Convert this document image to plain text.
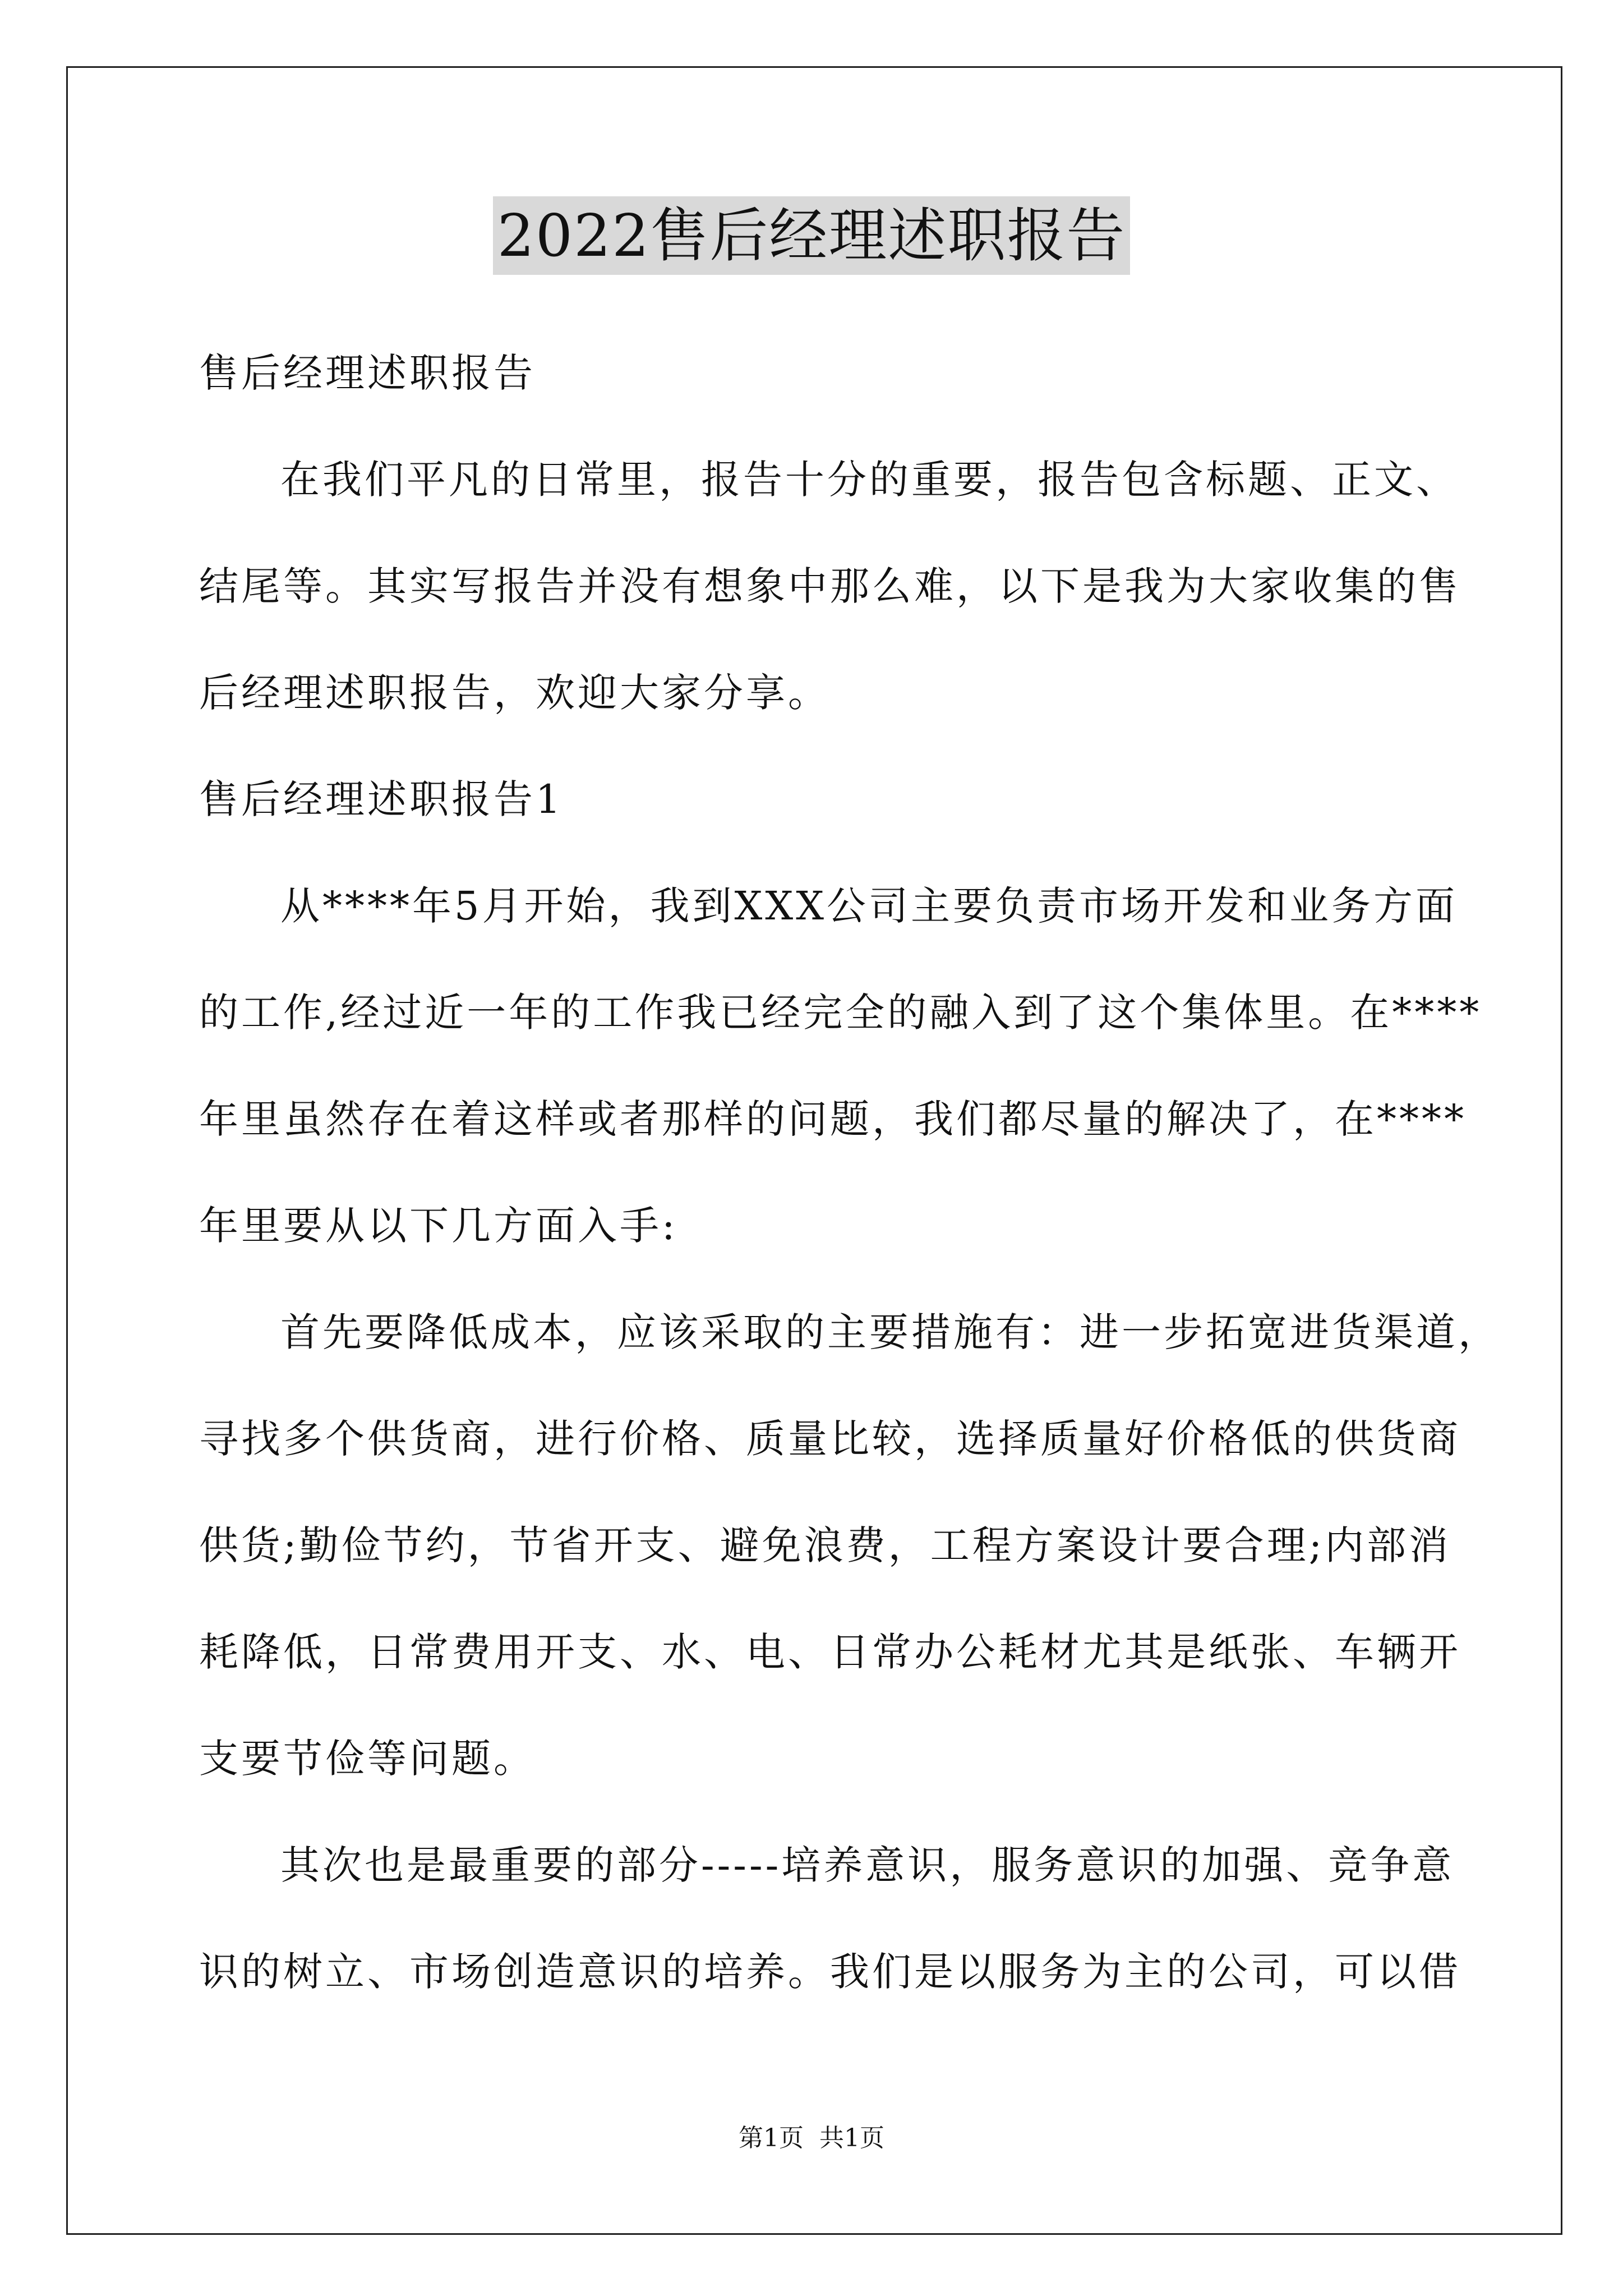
2022售后经理述职报告
售后经理述职报告
在我们平凡的日常里，报告十分的重要，报告包含标题、正文、
结尾等。其实写报告并没有想象中那么难，以下是我为大家收集的售
后经理述职报告，欢迎大家分享。
售后经理述职报告1
从****年5月开始，我到XXX公司主要负责市场开发和业务方面
的工作,经过近一年的工作我已经完全的融入到了这个集体里。在****
年里虽然存在着这样或者那样的问题，我们都尽量的解决了，在****
年里要从以下几方面入手:
首先要降低成本，应该采取的主要措施有：进一步拓宽进货渠道，
寻找多个供货商，进行价格、质量比较，选择质量好价格低的供货商
供货;勤俭节约，节省开支、避免浪费，工程方案设计要合理;内部消
耗降低，日常费用开支、水、电、日常办公耗材尤其是纸张、车辆开
支要节俭等问题。
其次也是最重要的部分-----培养意识，服务意识的加强、竞争意
识的树立、市场创造意识的培养。我们是以服务为主的公司，可以借
第1页 共1页
